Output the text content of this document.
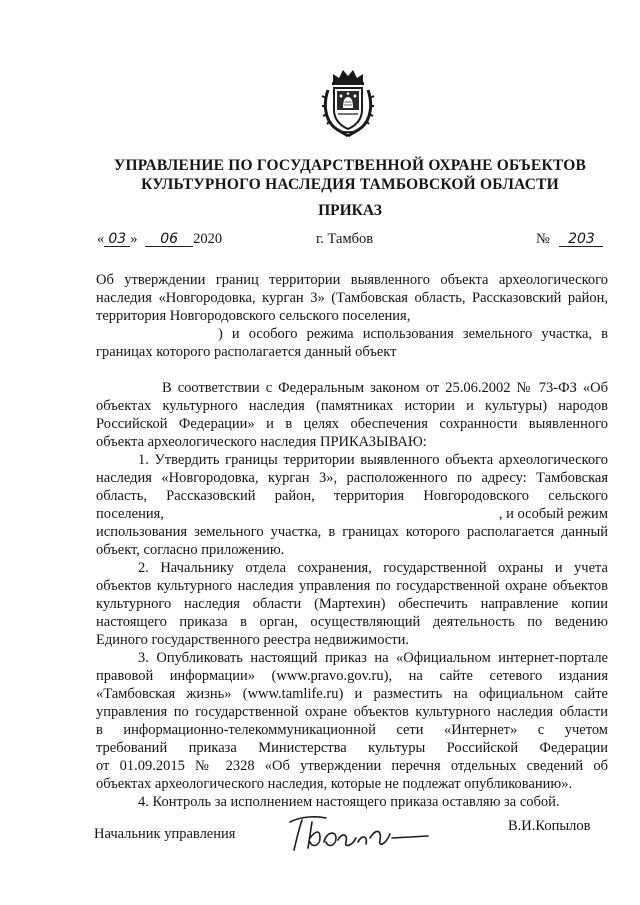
УПРАВЛЕНИЕ ПО ГОСУДАРСТВЕННОЙ ОХРАНЕ ОБЪЕКТОВ
КУЛЬТУРНОГО НАСЛЕДИЯ ТАМБОВСКОЙ ОБЛАСТИ
ПРИКАЗ
« 03 » 06 2020	г. Тамбов	№ 203
Об утверждении границ территории выявленного объекта археологического
наследия «Новгородовка, курган 3» (Тамбовская область, Рассказовский район,
территория Новгородовского сельского поселения,
) и особого режима использования земельного участка, в
границах которого располагается данный объект
В соответствии с Федеральным законом от 25.06.2002 № 73-ФЗ «Об
объектах культурного наследия (памятниках истории и культуры) народов
Российской Федерации» и в целях обеспечения сохранности выявленного
объекта археологического наследия ПРИКАЗЫВАЮ:
1. Утвердить границы территории выявленного объекта археологического
наследия «Новгородовка, курган 3», расположенного по адресу: Тамбовская
область, Рассказовский район, территория Новгородовского сельского
поселения,	, и особый режим
использования земельного участка, в границах которого располагается данный
объект, согласно приложению.
2. Начальнику отдела сохранения, государственной охраны и учета
объектов культурного наследия управления по государственной охране объектов
культурного наследия области (Мартехин) обеспечить направление копии
настоящего приказа в орган, осуществляющий деятельность по ведению
Единого государственного реестра недвижимости.
3. Опубликовать настоящий приказ на «Официальном интернет-портале
правовой информации» (www.pravo.gov.ru), на сайте сетевого издания
«Тамбовская жизнь» (www.tamlife.ru) и разместить на официальном сайте
управления по государственной охране объектов культурного наследия области
в информационно-телекоммуникационной сети «Интернет» с учетом
требований приказа Министерства культуры Российской Федерации
от 01.09.2015 № 2328 «Об утверждении перечня отдельных сведений об
объектах археологического наследия, которые не подлежат опубликованию».
4. Контроль за исполнением настоящего приказа оставляю за собой.
Начальник управления	В.И.Копылов
